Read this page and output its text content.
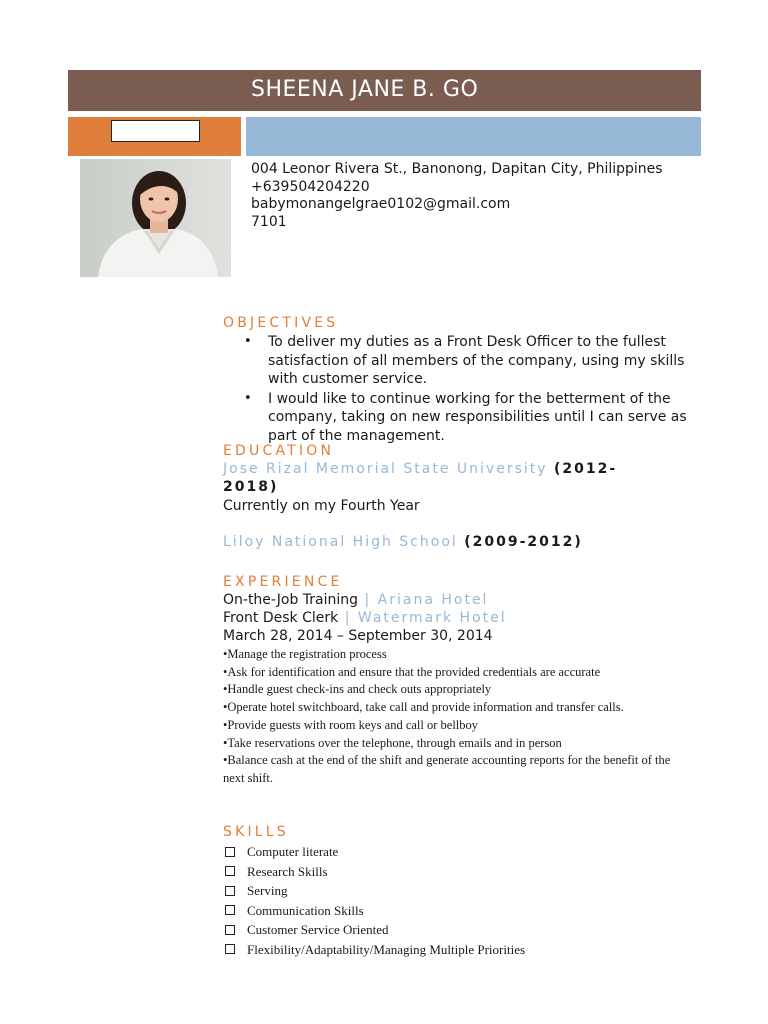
SHEENA JANE B. GO
004 Leonor Rivera St., Banonong, Dapitan City, Philippines
+639504204220
babymonangelgrae0102@gmail.com
7101
OBJECTIVES
• To deliver my duties as a Front Desk Officer to the fullest satisfaction of all members of the company, using my skills with customer service.
• I would like to continue working for the betterment of the company, taking on new responsibilities until I can serve as part of the management.
EDUCATION
Jose Rizal Memorial State University (2012-
2018)
Currently on my Fourth Year
Liloy National High School (2009-2012)
EXPERIENCE
On-the-Job Training | Ariana Hotel
Front Desk Clerk | Watermark Hotel
March 28, 2014 – September 30, 2014
•Manage the registration process
•Ask for identification and ensure that the provided credentials are accurate
•Handle guest check-ins and check outs appropriately
•Operate hotel switchboard, take call and provide information and transfer calls.
•Provide guests with room keys and call or bellboy
•Take reservations over the telephone, through emails and in person
•Balance cash at the end of the shift and generate accounting reports for the benefit of the next shift.
SKILLS
Computer literate
Research Skills
Serving
Communication Skills
Customer Service Oriented
Flexibility/Adaptability/Managing Multiple Priorities
